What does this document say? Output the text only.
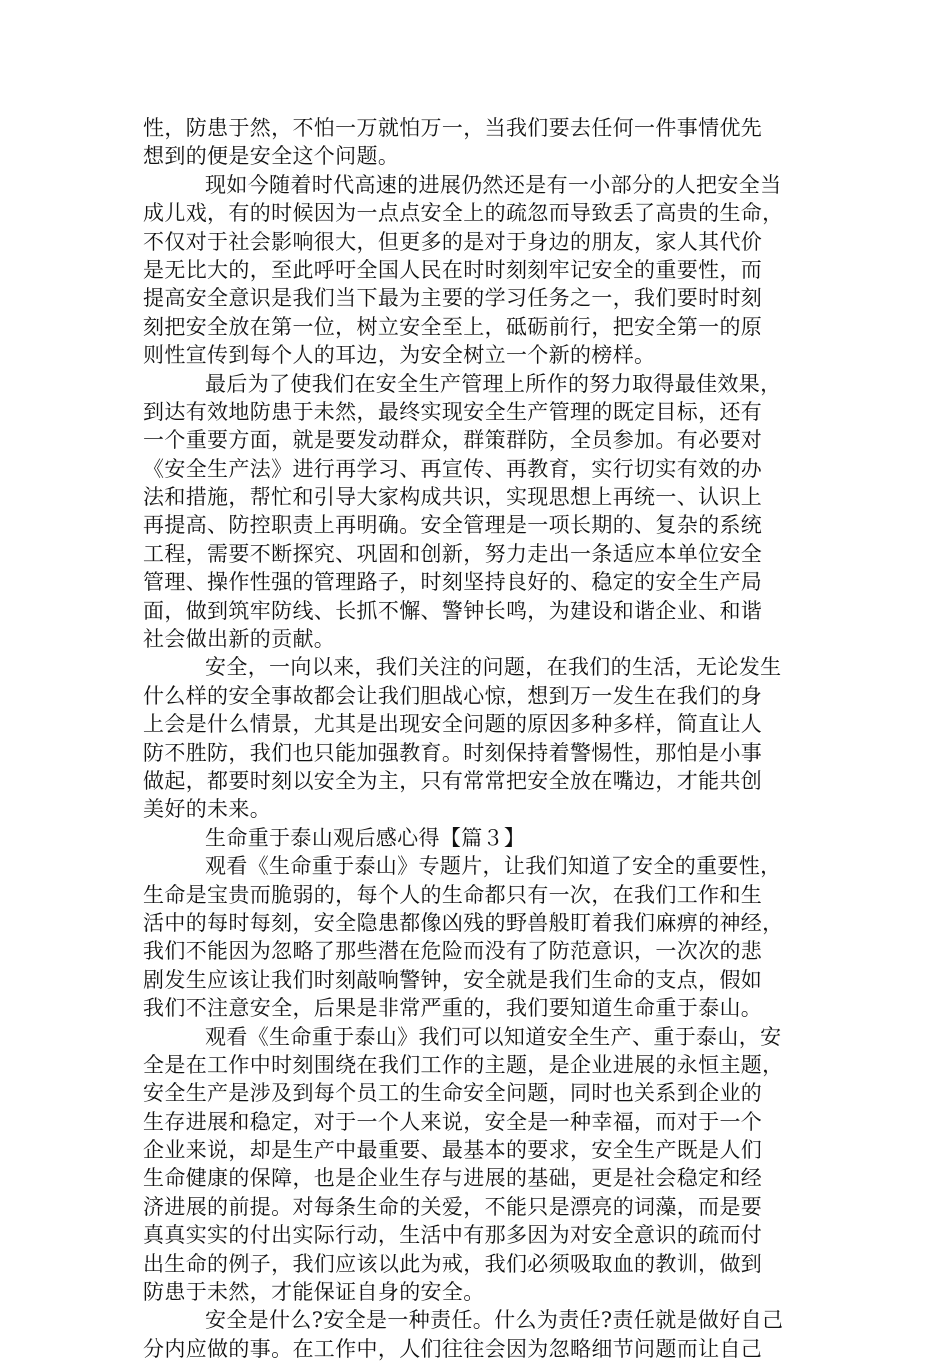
性，防患于然，不怕一万就怕万一，当我们要去任何一件事情优先
想到的便是安全这个问题。
现如今随着时代高速的进展仍然还是有一小部分的人把安全当
成儿戏，有的时候因为一点点安全上的疏忽而导致丢了高贵的生命，
不仅对于社会影响很大，但更多的是对于身边的朋友，家人其代价
是无比大的，至此呼吁全国人民在时时刻刻牢记安全的重要性，而
提高安全意识是我们当下最为主要的学习任务之一，我们要时时刻
刻把安全放在第一位，树立安全至上，砥砺前行，把安全第一的原
则性宣传到每个人的耳边，为安全树立一个新的榜样。
最后为了使我们在安全生产管理上所作的努力取得最佳效果，
到达有效地防患于未然，最终实现安全生产管理的既定目标，还有
一个重要方面，就是要发动群众，群策群防，全员参加。有必要对
《安全生产法》进行再学习、再宣传、再教育，实行切实有效的办
法和措施，帮忙和引导大家构成共识，实现思想上再统一、认识上
再提高、防控职责上再明确。安全管理是一项长期的、复杂的系统
工程，需要不断探究、巩固和创新，努力走出一条适应本单位安全
管理、操作性强的管理路子，时刻坚持良好的、稳定的安全生产局
面，做到筑牢防线、长抓不懈、警钟长鸣，为建设和谐企业、和谐
社会做出新的贡献。
安全，一向以来，我们关注的问题，在我们的生活，无论发生
什么样的安全事故都会让我们胆战心惊，想到万一发生在我们的身
上会是什么情景，尤其是出现安全问题的原因多种多样，简直让人
防不胜防，我们也只能加强教育。时刻保持着警惕性，那怕是小事
做起，都要时刻以安全为主，只有常常把安全放在嘴边，才能共创
美好的未来。
生命重于泰山观后感心得【篇３】
观看《生命重于泰山》专题片，让我们知道了安全的重要性，
生命是宝贵而脆弱的，每个人的生命都只有一次，在我们工作和生
活中的每时每刻，安全隐患都像凶残的野兽般盯着我们麻痹的神经，
我们不能因为忽略了那些潜在危险而没有了防范意识，一次次的悲
剧发生应该让我们时刻敲响警钟，安全就是我们生命的支点，假如
我们不注意安全，后果是非常严重的，我们要知道生命重于泰山。
观看《生命重于泰山》我们可以知道安全生产、重于泰山，安
全是在工作中时刻围绕在我们工作的主题，是企业进展的永恒主题，
安全生产是涉及到每个员工的生命安全问题，同时也关系到企业的
生存进展和稳定，对于一个人来说，安全是一种幸福，而对于一个
企业来说，却是生产中最重要、最基本的要求，安全生产既是人们
生命健康的保障，也是企业生存与进展的基础，更是社会稳定和经
济进展的前提。对每条生命的关爱，不能只是漂亮的词藻，而是要
真真实实的付出实际行动，生活中有那多因为对安全意识的疏而付
出生命的例子，我们应该以此为戒，我们必须吸取血的教训，做到
防患于未然，才能保证自身的安全。
安全是什么?安全是一种责任。什么为责任?责任就是做好自己
分内应做的事。在工作中，人们往往会因为忽略细节问题而让自己
